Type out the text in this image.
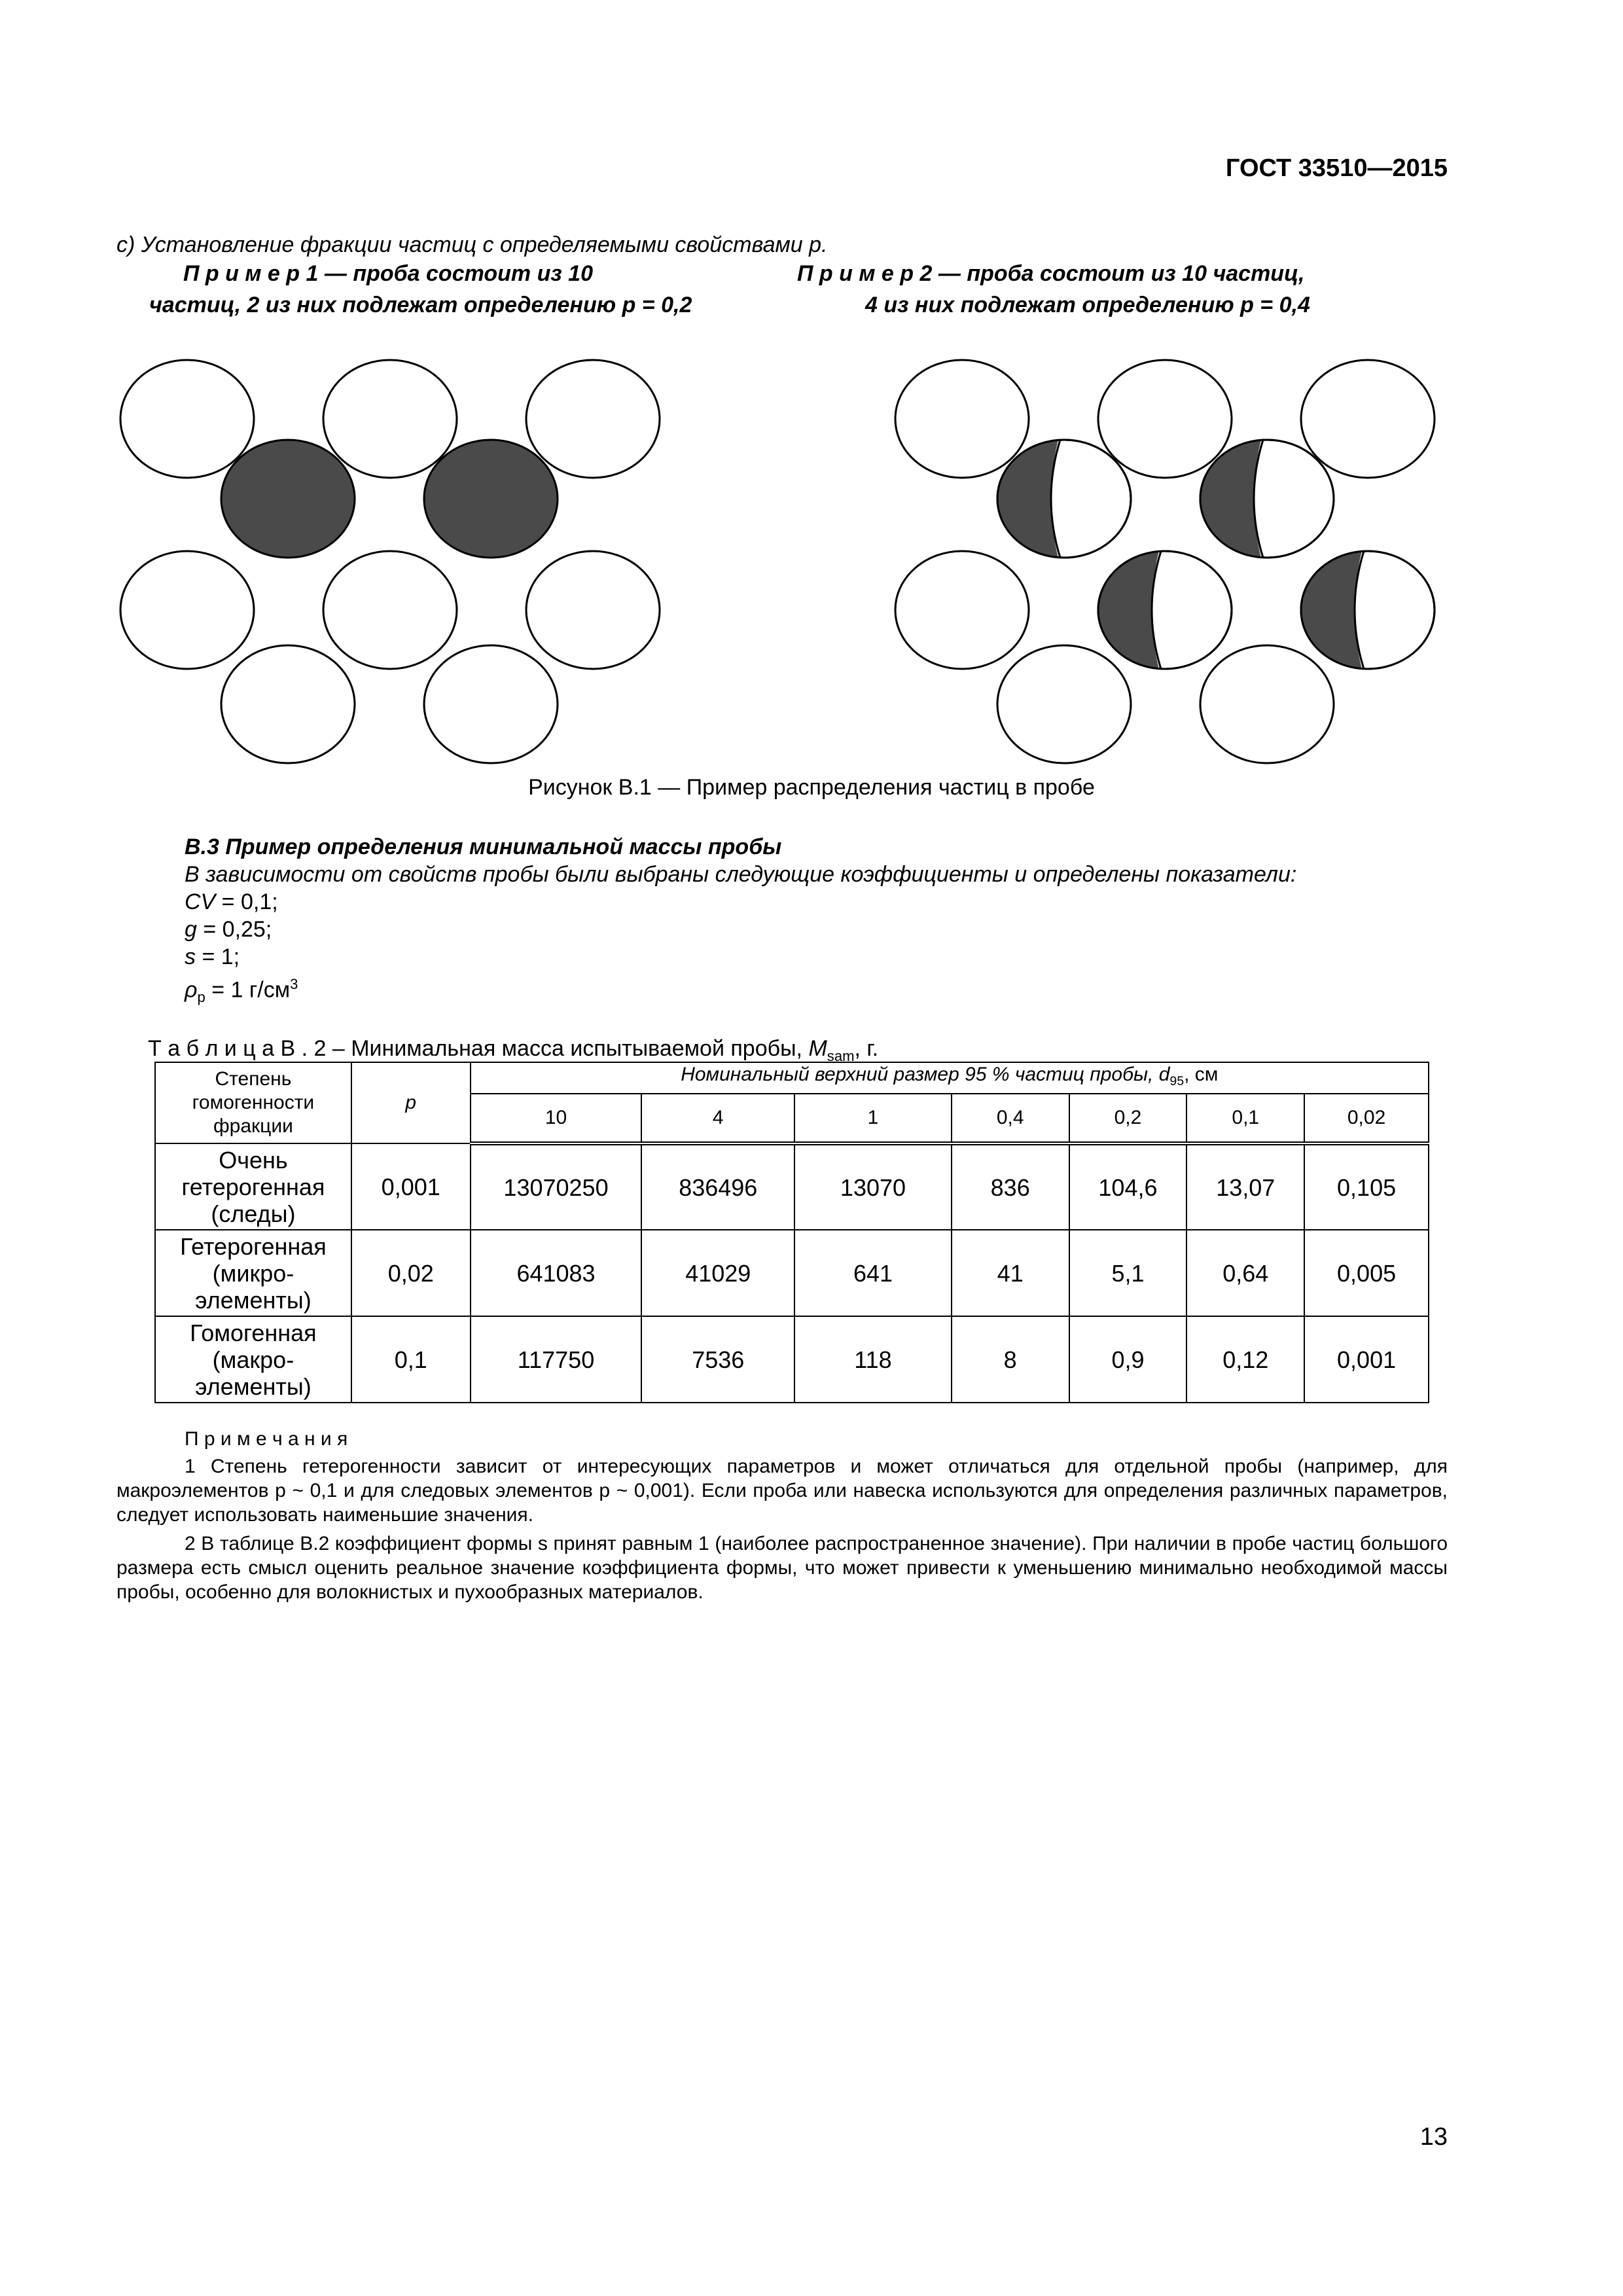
ГОСТ 33510—2015
с) Установление фракции частиц с определяемыми свойствами p.
П р и м е р 1 — проба состоит из 10
частиц, 2 из них подлежат определению p = 0,2
П р и м е р 2 — проба состоит из 10 частиц,
4 из них подлежат определению p = 0,4
Рисунок В.1 — Пример распределения частиц в пробе
В.3 Пример определения минимальной массы пробы
В зависимости от свойств пробы были выбраны следующие коэффициенты и определены показатели:
CV = 0,1;
g = 0,25;
s = 1;
$\rho_p = 1$ $г/см^3$
Т а б л и ц а В . 2 – Минимальная масса испытываемой пробы, $M_{sam}$, г.
Степень гомогенности фракции	p	Номинальный верхний размер 95 % частиц пробы, $d_{95}$, см						
		10	4	1	0,4	0,2	0,1	0,02
Очень гетерогенная (следы)	0,001	13070250	836496	13070	836	104,6	13,07	0,105
Гетерогенная (микро-элементы)	0,02	641083	41029	641	41	5,1	0,64	0,005
Гомогенная (макро-элементы)	0,1	117750	7536	118	8	0,9	0,12	0,001
П р и м е ч а н и я
1 Степень гетерогенности зависит от интересующих параметров и может отличаться для отдельной пробы (например, для макроэлементов p ~ 0,1 и для следовых элементов p ~ 0,001). Если проба или навеска используются для определения различных параметров, следует использовать наименьшие значения.
2 В таблице В.2 коэффициент формы s принят равным 1 (наиболее распространенное значение). При наличии в пробе частиц большого размера есть смысл оценить реальное значение коэффициента формы, что может привести к уменьшению минимально необходимой массы пробы, особенно для волокнистых и пухообразных материалов.
13
